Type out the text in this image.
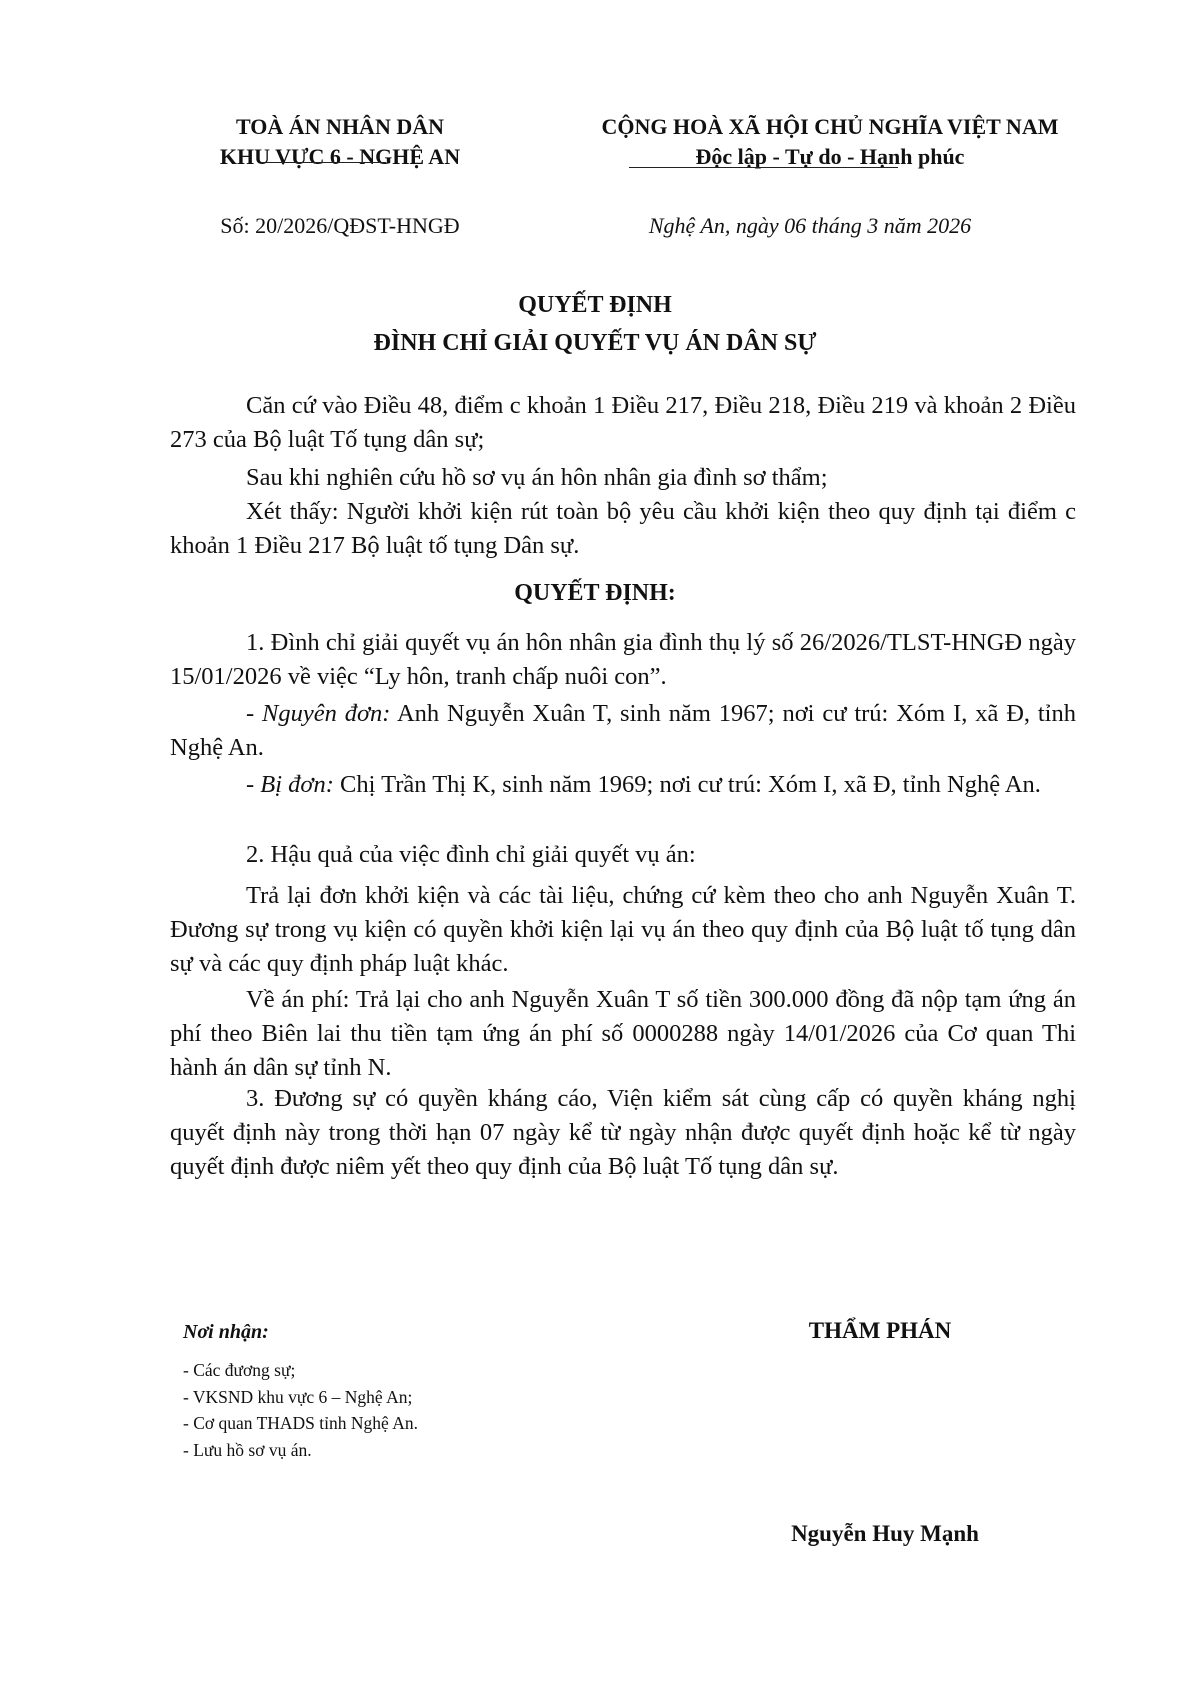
TOÀ ÁN NHÂN DÂN
KHU VỰC 6 - NGHỆ AN
CỘNG HOÀ XÃ HỘI CHỦ NGHĨA VIỆT NAM
Độc lập - Tự do - Hạnh phúc
Số: 20/2026/QĐST-HNGĐ	Nghệ An, ngày 06 tháng 3 năm 2026
QUYẾT ĐỊNH
ĐÌNH CHỈ GIẢI QUYẾT VỤ ÁN DÂN SỰ
Căn cứ vào Điều 48, điểm c khoản 1 Điều 217, Điều 218, Điều 219 và khoản 2 Điều 273 của Bộ luật Tố tụng dân sự;
Sau khi nghiên cứu hồ sơ vụ án hôn nhân gia đình sơ thẩm;
Xét thấy: Người khởi kiện rút toàn bộ yêu cầu khởi kiện theo quy định tại điểm c khoản 1 Điều 217 Bộ luật tố tụng Dân sự.
QUYẾT ĐỊNH:
1. Đình chỉ giải quyết vụ án hôn nhân gia đình thụ lý số 26/2026/TLST-HNGĐ ngày 15/01/2026 về việc “Ly hôn, tranh chấp nuôi con”.
- Nguyên đơn: Anh Nguyễn Xuân T, sinh năm 1967; nơi cư trú: Xóm I, xã Đ, tỉnh Nghệ An.
- Bị đơn: Chị Trần Thị K, sinh năm 1969; nơi cư trú: Xóm I, xã Đ, tỉnh Nghệ An.
2. Hậu quả của việc đình chỉ giải quyết vụ án:
Trả lại đơn khởi kiện và các tài liệu, chứng cứ kèm theo cho anh Nguyễn Xuân T. Đương sự trong vụ kiện có quyền khởi kiện lại vụ án theo quy định của Bộ luật tố tụng dân sự và các quy định pháp luật khác.
Về án phí: Trả lại cho anh Nguyễn Xuân T số tiền 300.000 đồng đã nộp tạm ứng án phí theo Biên lai thu tiền tạm ứng án phí số 0000288 ngày 14/01/2026 của Cơ quan Thi hành án dân sự tỉnh N.
3. Đương sự có quyền kháng cáo, Viện kiểm sát cùng cấp có quyền kháng nghị quyết định này trong thời hạn 07 ngày kể từ ngày nhận được quyết định hoặc kể từ ngày quyết định được niêm yết theo quy định của Bộ luật Tố tụng dân sự.
Nơi nhận:
- Các đương sự;
- VKSND khu vực 6 – Nghệ An;
- Cơ quan THADS tỉnh Nghệ An.
- Lưu hồ sơ vụ án.
THẨM PHÁN
Nguyễn Huy Mạnh
